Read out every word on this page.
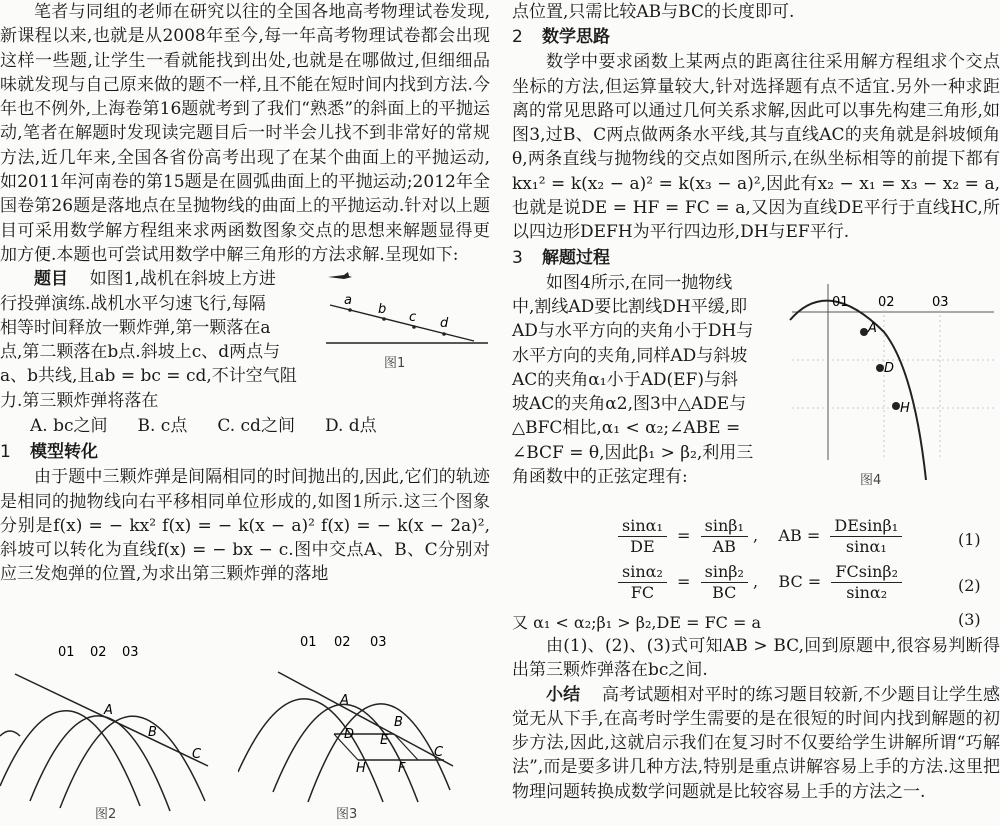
笔者与同组的老师在研究以往的全国各地高考物理试卷发现,新课程以来,也就是从2008年至今,每一年高考物理试卷都会出现这样一些题,让学生一看就能找到出处,也就是在哪做过,但细细品味就发现与自己原来做的题不一样,且不能在短时间内找到方法.今年也不例外,上海卷第16题就考到了我们“熟悉”的斜面上的平抛运动,笔者在解题时发现读完题目后一时半会儿找不到非常好的常规方法,近几年来,全国各省份高考出现了在某个曲面上的平抛运动,如2011年河南卷的第15题是在圆弧曲面上的平抛运动;2012年全国卷第26题是落地点在呈抛物线的曲面上的平抛运动.针对以上题目可采用数学解方程组来求两函数图象交点的思想来解题显得更加方便.本题也可尝试用数学中解三角形的方法求解.呈现如下:

题目 如图1,战机在斜坡上方进

行投弹演练.战机水平匀速飞行,每隔

相等时间释放一颗炸弹,第一颗落在a

点,第二颗落在b点.斜坡上c、d两点与

a、b共线,且ab = bc = cd,不计空气阻

力.第三颗炸弹将落在

a
b
c d
图1
A. bc之间 B. c点 C. cd之间 D. d点

1 模型转化

由于题中三颗炸弹是间隔相同的时间抛出的,因此,它们的轨迹是相同的抛物线向右平移相同单位形成的,如图1所示.这三个图象分别是f(x) = − kx² f(x) = − k(x − a)² f(x) = − k(x − 2a)²,斜坡可以转化为直线f(x) = − bx − c.图中交点A、B、C分别对应三发炮弹的位置,为求出第三颗炸弹的落地

01 02 03
A
B
C
图2
01 02 03
A
B
C
D E
H F
图3

点位置,只需比较AB与BC的长度即可.

2 数学思路

数学中要求函数上某两点的距离往往采用解方程组求个交点坐标的方法,但运算量较大,针对选择题有点不适宜.另外一种求距离的常见思路可以通过几何关系求解,因此可以事先构建三角形,如图3,过B、C两点做两条水平线,其与直线AC的夹角就是斜坡倾角θ,两条直线与抛物线的交点如图所示,在纵坐标相等的前提下都有kx₁² = k(x₂ − a)² = k(x₃ − a)²,因此有x₂ − x₁ = x₃ − x₂ = a,也就是说DE = HF = FC = a,又因为直线DE平行于直线HC,所以四边形DEFH为平行四边形,DH与EF平行.

3 解题过程

如图4所示,在同一抛物线

中,割线AD要比割线DH平缓,即

AD与水平方向的夹角小于DH与

水平方向的夹角,同样AD与斜坡

AC的夹角α₁小于AD(EF)与斜

坡AC的夹角α2,图3中△ADE与

△BFC相比,α₁ < α₂;∠ABE =

∠BCF = θ,因此β₁ > β₂,利用三

角函数中的正弦定理有:

01 02	03
A
D
H
图4
$\frac{\text{sinα₁}}{DE} = \frac{\text{sinβ₁}}{AB}$ ,    AB = $\frac{\text{DEsinβ₁}}{\text{sinα₁}}$	(1)
$\frac{\text{sinα₂}}{FC} = \frac{\text{sinβ₂}}{BC}$ ,    BC = $\frac{\text{FCsinβ₂}}{\text{sinα₂}}$	(2)
又 α₁ < α₂;β₁ > β₂,DE = FC = a	(3)

由(1)、(2)、(3)式可知AB > BC,回到原题中,很容易判断得出第三颗炸弹落在bc之间.

小结 高考试题相对平时的练习题目较新,不少题目让学生感觉无从下手,在高考时学生需要的是在很短的时间内找到解题的初步方法,因此,这就启示我们在复习时不仅要给学生讲解所谓“巧解法”,而是要多讲几种方法,特别是重点讲解容易上手的方法.这里把物理问题转换成数学问题就是比较容易上手的方法之一.
